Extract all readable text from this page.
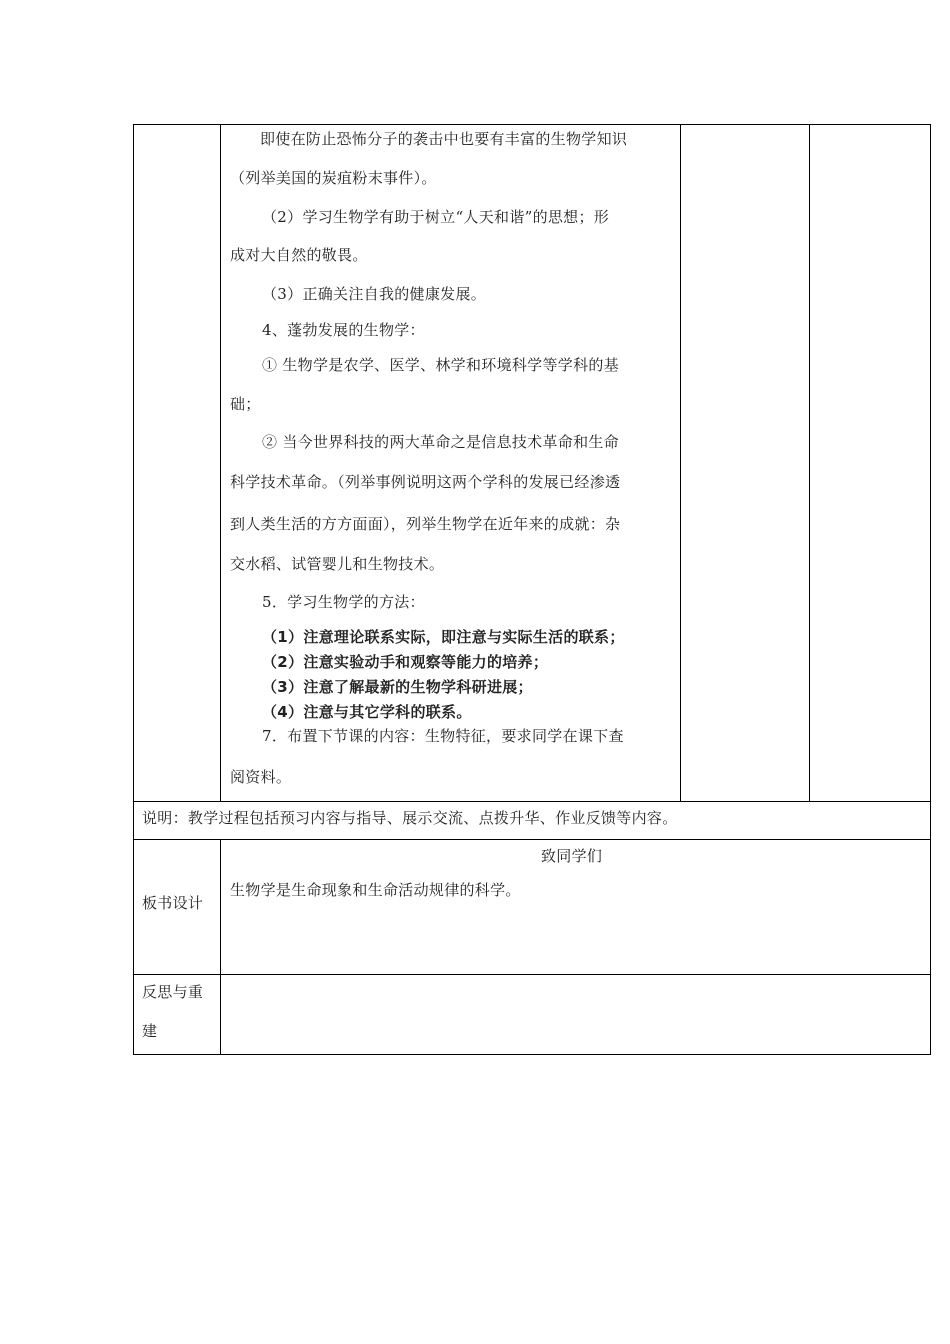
即使在防止恐怖分子的袭击中也要有丰富的生物学知识
（列举美国的炭疽粉末事件）。
（2）学习生物学有助于树立“人天和谐”的思想；形
成对大自然的敬畏。
（3）正确关注自我的健康发展。
4、蓬勃发展的生物学：
① 生物学是农学、医学、林学和环境科学等学科的基
础；
② 当今世界科技的两大革命之是信息技术革命和生命
科学技术革命。（列举事例说明这两个学科的发展已经渗透
到人类生活的方方面面），列举生物学在近年来的成就：杂
交水稻、试管婴儿和生物技术。
5．学习生物学的方法：
（1）注意理论联系实际，即注意与实际生活的联系；
（2）注意实验动手和观察等能力的培养；
（3）注意了解最新的生物学科研进展；
（4）注意与其它学科的联系。
7．布置下节课的内容：生物特征，要求同学在课下查
阅资料。
说明：教学过程包括预习内容与指导、展示交流、点拨升华、作业反馈等内容。
板书设计
致同学们
生物学是生命现象和生命活动规律的科学。
反思与重
建
